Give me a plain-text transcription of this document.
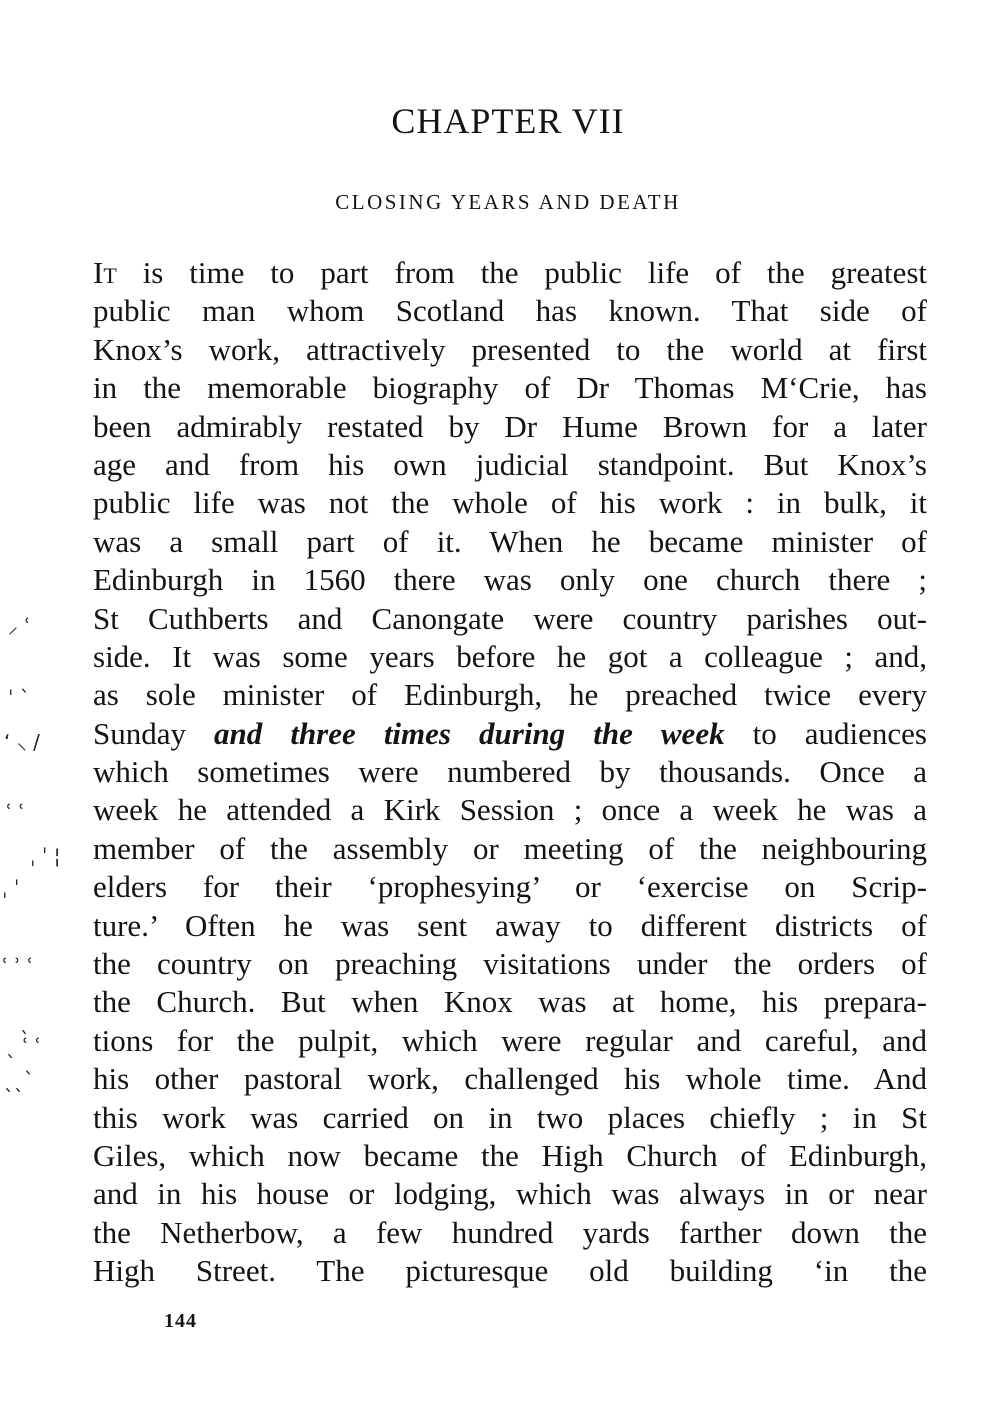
CHAPTER VII
CLOSING YEARS AND DEATH
It is time to part from the public life of the greatest
public man whom Scotland has known. That side of
Knox’s work, attractively presented to the world at first
in the memorable biography of Dr Thomas M‘Crie, has
been admirably restated by Dr Hume Brown for a later
age and from his own judicial standpoint. But Knox’s
public life was not the whole of his work : in bulk, it
was a small part of it. When he became minister of
Edinburgh in 1560 there was only one church there ;
St Cuthberts and Canongate were country parishes out-
side. It was some years before he got a colleague ; and,
as sole minister of Edinburgh, he preached twice every
Sunday and three times during the week to audiences
which sometimes were numbered by thousands. Once a
week he attended a Kirk Session ; once a week he was a
member of the assembly or meeting of the neighbouring
elders for their ‘prophesying’ or ‘exercise on Scrip-
ture.’ Often he was sent away to different districts of
the country on preaching visitations under the orders of
the Church. But when Knox was at home, his prepara-
tions for the pulpit, which were regular and careful, and
his other pastoral work, challenged his whole time. And
this work was carried on in two places chiefly ; in St
Giles, which now became the High Church of Edinburgh,
and in his house or lodging, which was always in or near
the Netherbow, a few hundred yards farther down the
High Street. The picturesque old building ‘in the
144
⸝ ʿ
ˈ ˋ
ʻ ⸜ /
ʿ ʿ
ˌ ˈ ¦
ˌ ˈ
ʿ ʾ ʿ
ˎ
ˎ ʿ ʿ
ˎˎˋ
